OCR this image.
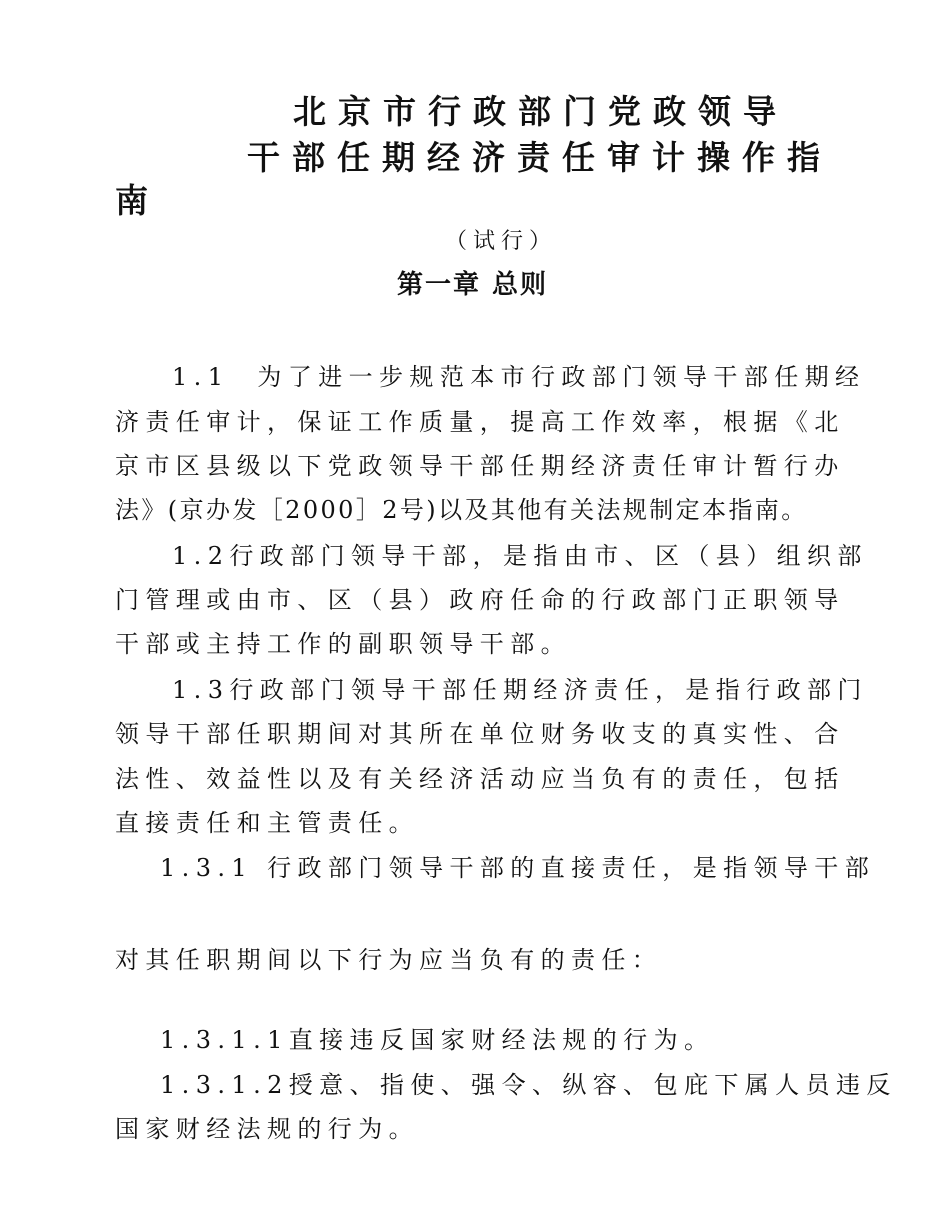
北京市行政部门党政领导
干部任期经济责任审计操作指
南

（试行）

第一章 总则

1.1  为了进一步规范本市行政部门领导干部任期经

济责任审计，保证工作质量，提高工作效率，根据《北

京市区县级以下党政领导干部任期经济责任审计暂行办

法》(京办发［2000］2号)以及其他有关法规制定本指南。

1.2行政部门领导干部，是指由市、区（县）组织部

门管理或由市、区（县）政府任命的行政部门正职领导

干部或主持工作的副职领导干部。

1.3行政部门领导干部任期经济责任，是指行政部门

领导干部任职期间对其所在单位财务收支的真实性、合

法性、效益性以及有关经济活动应当负有的责任，包括

直接责任和主管责任。

1.3.1 行政部门领导干部的直接责任，是指领导干部

对其任职期间以下行为应当负有的责任：

1.3.1.1直接违反国家财经法规的行为。

1.3.1.2授意、指使、强令、纵容、包庇下属人员违反

国家财经法规的行为。
